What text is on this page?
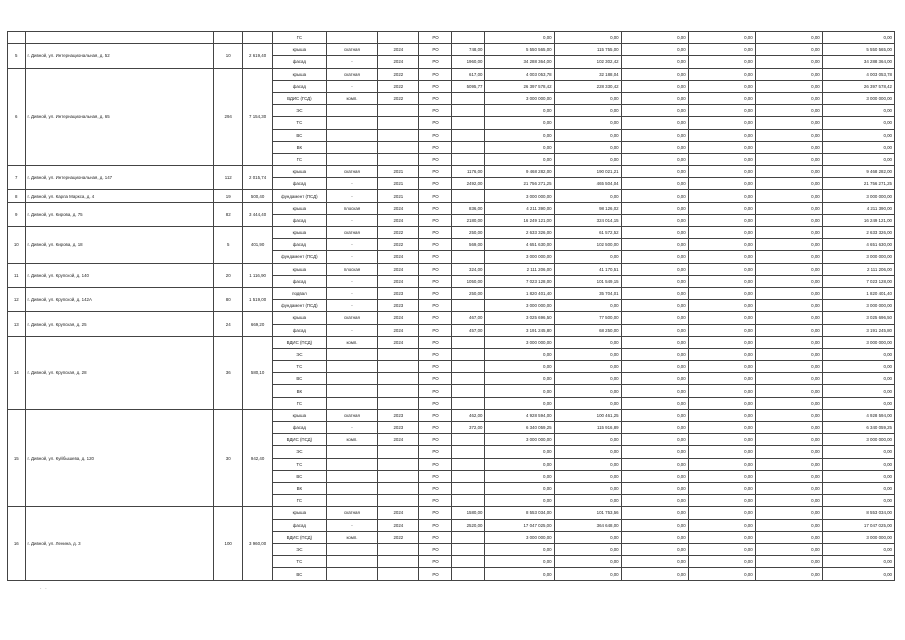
				ГС			РО		0,00	0,00	0,00	0,00	0,00	0,00
5	г. Дивной, ул. Интернациональная, д. 52	10	2 619,40	крыша	скатная	2024	РО	748,00	5 550 565,00	115 755,00	0,00	0,00	0,00	5 550 565,00
				фасад	-	2024	РО	1960,00	34 288 364,00	102 302,42	0,00	0,00	0,00	34 288 364,00
6	г. Дивной, ул. Интернациональная, д. 65	294	7 154,30	крыша	скатная	2022	РО	617,00	4 003 053,78	32 188,04	0,00	0,00	0,00	4 003 053,78
				фасад	-	2022	РО	5095,77	26 397 578,42	228 330,42	0,00	0,00	0,00	26 397 578,42
				ВДИС (ГСД)	комп.	2022	РО		3 000 000,00	0,00	0,00	0,00	0,00	3 000 000,00
				ЭС			РО		0,00	0,00	0,00	0,00	0,00	0,00
				ТС			РО		0,00	0,00	0,00	0,00	0,00	0,00
				ВС			РО		0,00	0,00	0,00	0,00	0,00	0,00
				ВК			РО		0,00	0,00	0,00	0,00	0,00	0,00
				ГС			РО		0,00	0,00	0,00	0,00	0,00	0,00
7	г. Дивной, ул. Интернациональная, д. 147	112	2 015,74	крыша	скатная	2021	РО	1176,00	9 468 282,00	190 021,21	0,00	0,00	0,00	9 468 282,00
				фасад	-	2021	РО	2492,00	21 756 271,25	465 504,04	0,00	0,00	0,00	21 756 271,25
8	г. Дивной, ул. Карла Маркса, д. 4	19	500,40	фундамент (ПСД)	-	2021	РО		3 000 000,00	0,00	0,00	0,00	0,00	3 000 000,00
9	г. Дивной, ул. Кирова, д. 75	82	3 444,40	крыша	плоская	2024	РО	836,00	4 211 390,00	98 126,02	0,00	0,00	0,00	4 211 390,00
				фасад	-	2024	РО	2180,00	16 249 121,00	324 014,15	0,00	0,00	0,00	16 249 121,00
10	г. Дивной, ул. Кирова, д. 18	5	401,90	крыша	скатная	2022	РО	250,00	2 633 326,00	61 572,52	0,00	0,00	0,00	2 633 326,00
				фасад	-	2022	РО	569,00	4 651 630,00	102 500,00	0,00	0,00	0,00	4 651 630,00
				фундамент (ПСД)	-	2024	РО		3 000 000,00	0,00	0,00	0,00	0,00	3 000 000,00
11	г. Дивной, ул. Крупской, д. 140	20	1 116,90	крыша	плоская	2024	РО	324,00	2 111 206,00	41 170,51	0,00	0,00	0,00	2 111 206,00
				фасад	-	2024	РО	1050,00	7 023 128,00	101 549,15	0,00	0,00	0,00	7 023 128,00
12	г. Дивной, ул. Крупской, д. 142А	80	1 519,00	подвал	-	2023	РО	250,00	1 820 401,40	35 704,01	0,00	0,00	0,00	1 820 401,40
				фундамент (ПСД)	-	2023	РО		3 000 000,00	0,00	0,00	0,00	0,00	3 000 000,00
13	г. Дивной, ул. Крупская, д. 25	24	669,20	крыша	скатная	2024	РО	467,00	3 025 696,50	77 500,00	0,00	0,00	0,00	3 025 696,50
				фасад	-	2024	РО	457,00	3 191 245,80	68 250,00	0,00	0,00	0,00	3 191 245,80
14	г. Дивной, ул. Крупская, д. 28	36	580,10	ВДИС (ПСД)	комп.	2024	РО		3 000 000,00	0,00	0,00	0,00	0,00	3 000 000,00
				ЭС			РО		0,00	0,00	0,00	0,00	0,00	0,00
				ТС			РО		0,00	0,00	0,00	0,00	0,00	0,00
				ВС			РО		0,00	0,00	0,00	0,00	0,00	0,00
				ВК			РО		0,00	0,00	0,00	0,00	0,00	0,00
				ГС			РО		0,00	0,00	0,00	0,00	0,00	0,00
15	г. Дивной, ул. Куйбышева, д. 120	30	942,40	крыша	скатная	2023	РО	462,00	4 928 594,00	100 461,25	0,00	0,00	0,00	4 928 594,00
				фасад	-	2023	РО	372,00	6 340 059,25	115 916,89	0,00	0,00	0,00	6 340 059,25
				ВДИС (ПСД)	комп.	2024	РО		3 000 000,00	0,00	0,00	0,00	0,00	3 000 000,00
				ЭС			РО		0,00	0,00	0,00	0,00	0,00	0,00
				ТС			РО		0,00	0,00	0,00	0,00	0,00	0,00
				ВС			РО		0,00	0,00	0,00	0,00	0,00	0,00
				ВК			РО		0,00	0,00	0,00	0,00	0,00	0,00
				ГС			РО		0,00	0,00	0,00	0,00	0,00	0,00
16	г. Дивной, ул. Ленина, д. 3	100	3 960,00	крыша	скатная	2024	РО	1580,00	8 553 034,00	101 753,56	0,00	0,00	0,00	8 553 034,00
				фасад	-	2024	РО	2520,00	17 047 025,00	364 648,00	0,00	0,00	0,00	17 047 025,00
				ВДИС (ПСД)	комп.	2022	РО		3 000 000,00	0,00	0,00	0,00	0,00	3 000 000,00
				ЭС			РО		0,00	0,00	0,00	0,00	0,00	0,00
				ТС			РО		0,00	0,00	0,00	0,00	0,00	0,00
				ВС			РО		0,00	0,00	0,00	0,00	0,00	0,00
· ·
